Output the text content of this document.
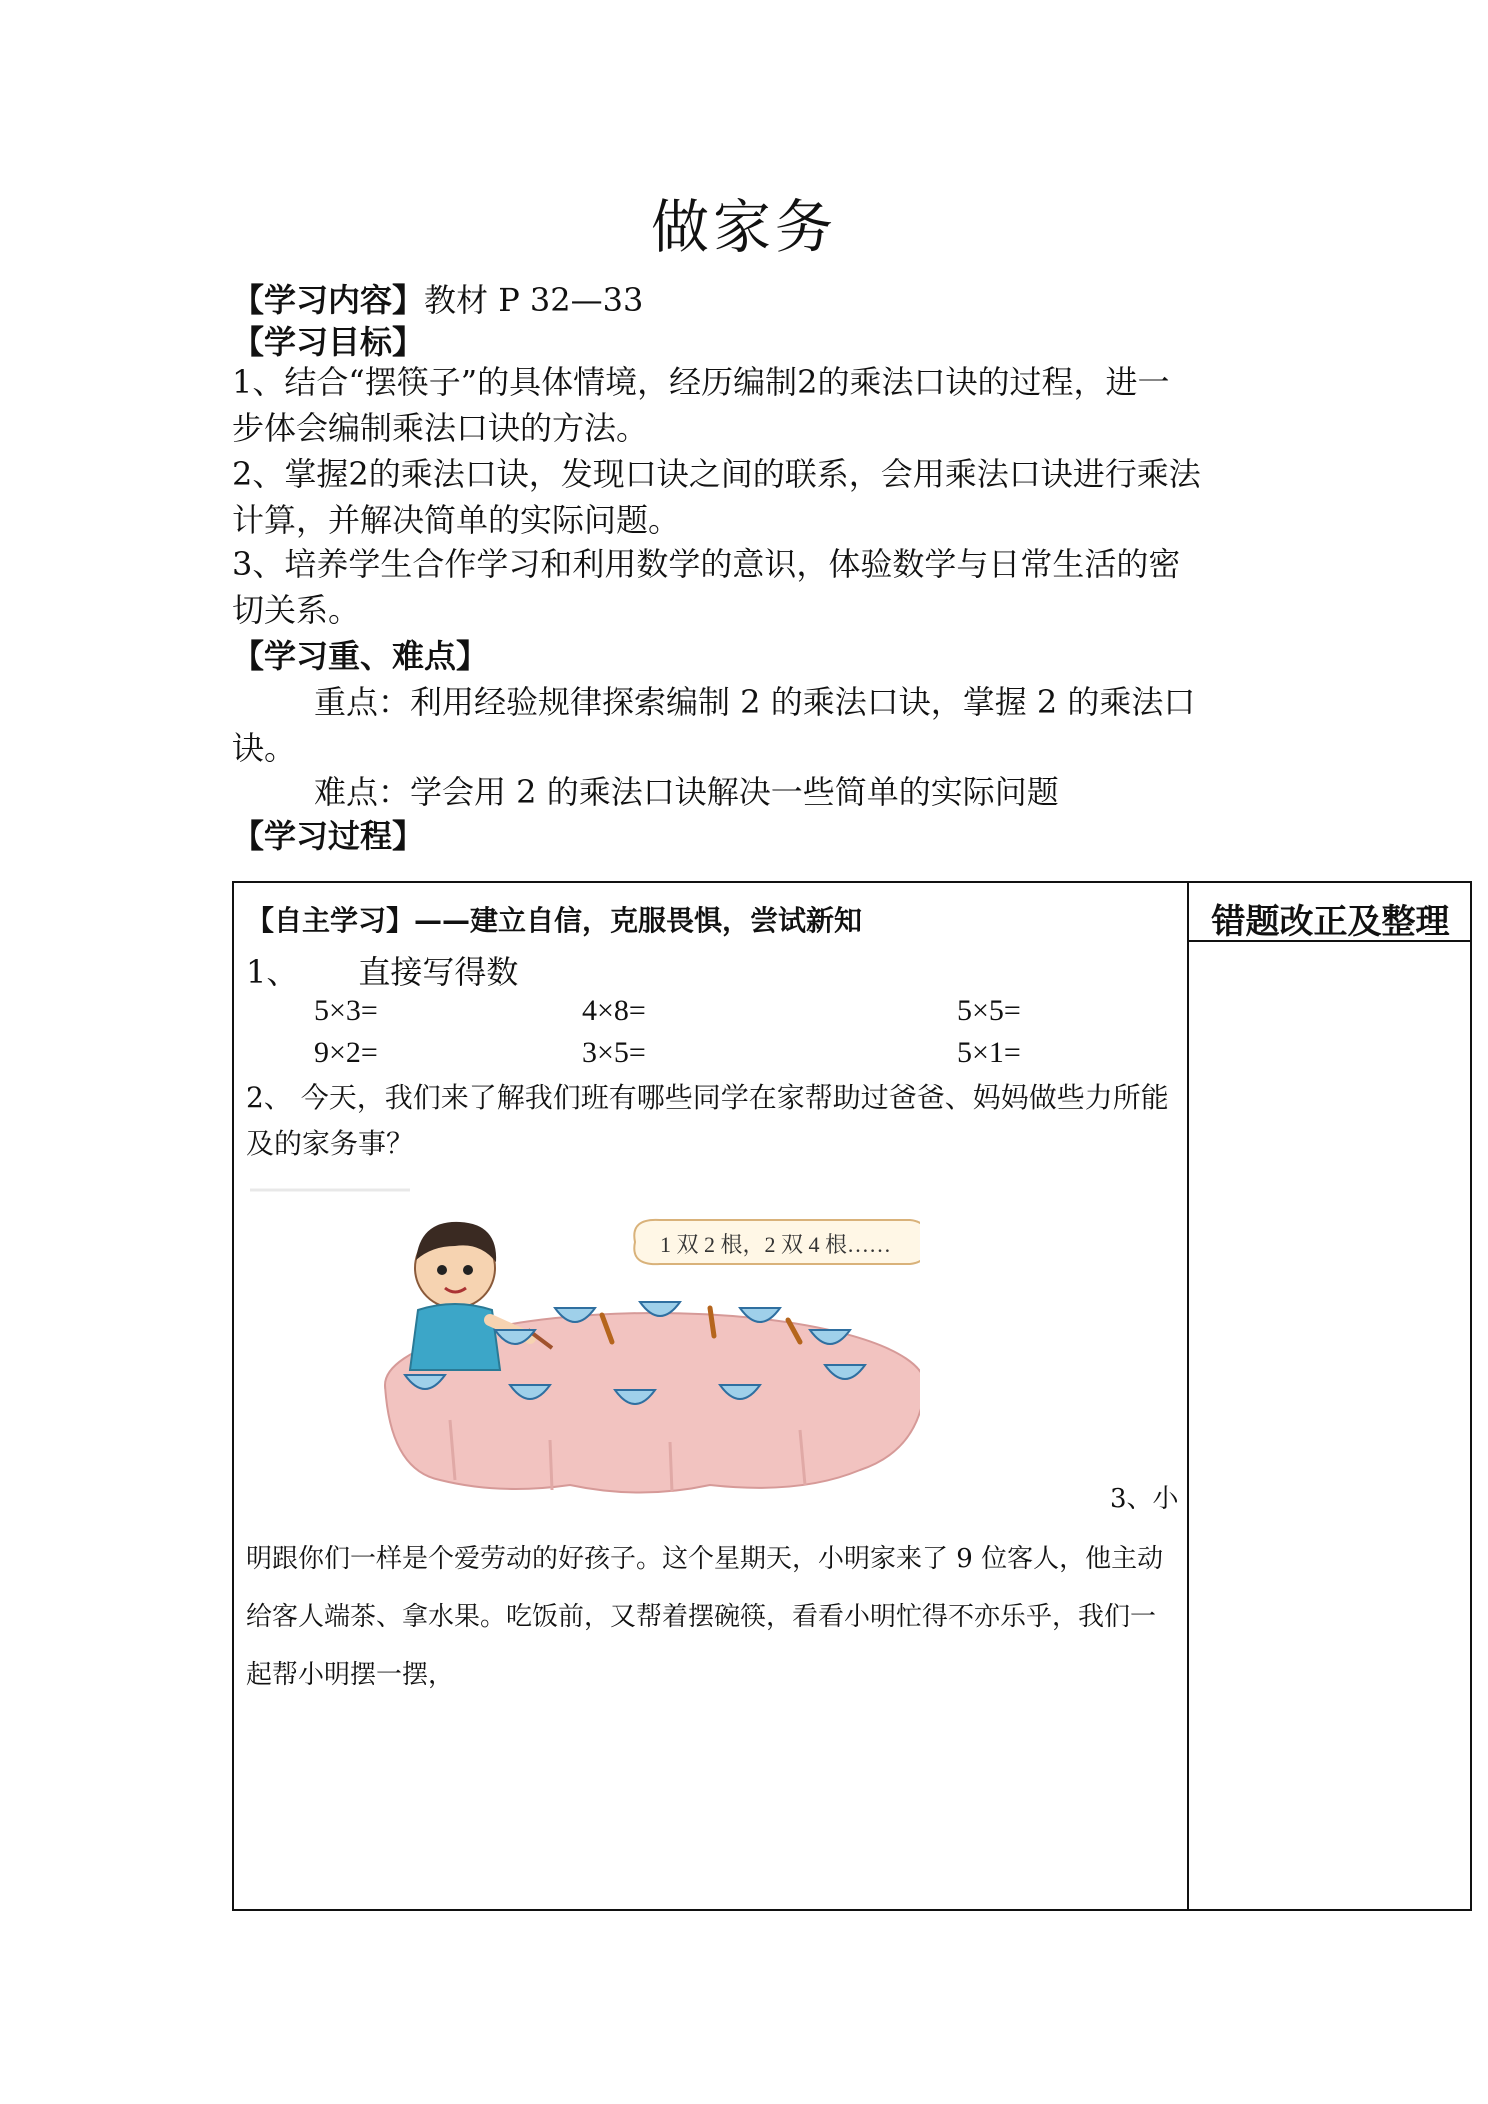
做家务
【学习内容】教材 P 32—33
【学习目标】
1、结合“摆筷子”的具体情境，经历编制2的乘法口诀的过程，进一
步体会编制乘法口诀的方法。
2、掌握2的乘法口诀，发现口诀之间的联系，会用乘法口诀进行乘法
计算，并解决简单的实际问题。
3、培养学生合作学习和利用数学的意识，体验数学与日常生活的密
切关系。
【学习重、难点】
重点：利用经验规律探索编制 2 的乘法口诀，掌握 2 的乘法口
诀。
难点：学会用 2 的乘法口诀解决一些简单的实际问题
【学习过程】
错题改正及整理
【自主学习】——建立自信，克服畏惧，尝试新知
1、 直接写得数
5×3=	4×8=	5×5=
9×2=	3×5=	5×1=
2、 今天，我们来了解我们班有哪些同学在家帮助过爸爸、妈妈做些力所能及的家务事？
1 双 2 根，2 双 4 根……
3、小
明跟你们一样是个爱劳动的好孩子。这个星期天，小明家来了 9 位客人，他主动给客人端茶、拿水果。吃饭前，又帮着摆碗筷，看看小明忙得不亦乐乎，我们一起帮小明摆一摆，
